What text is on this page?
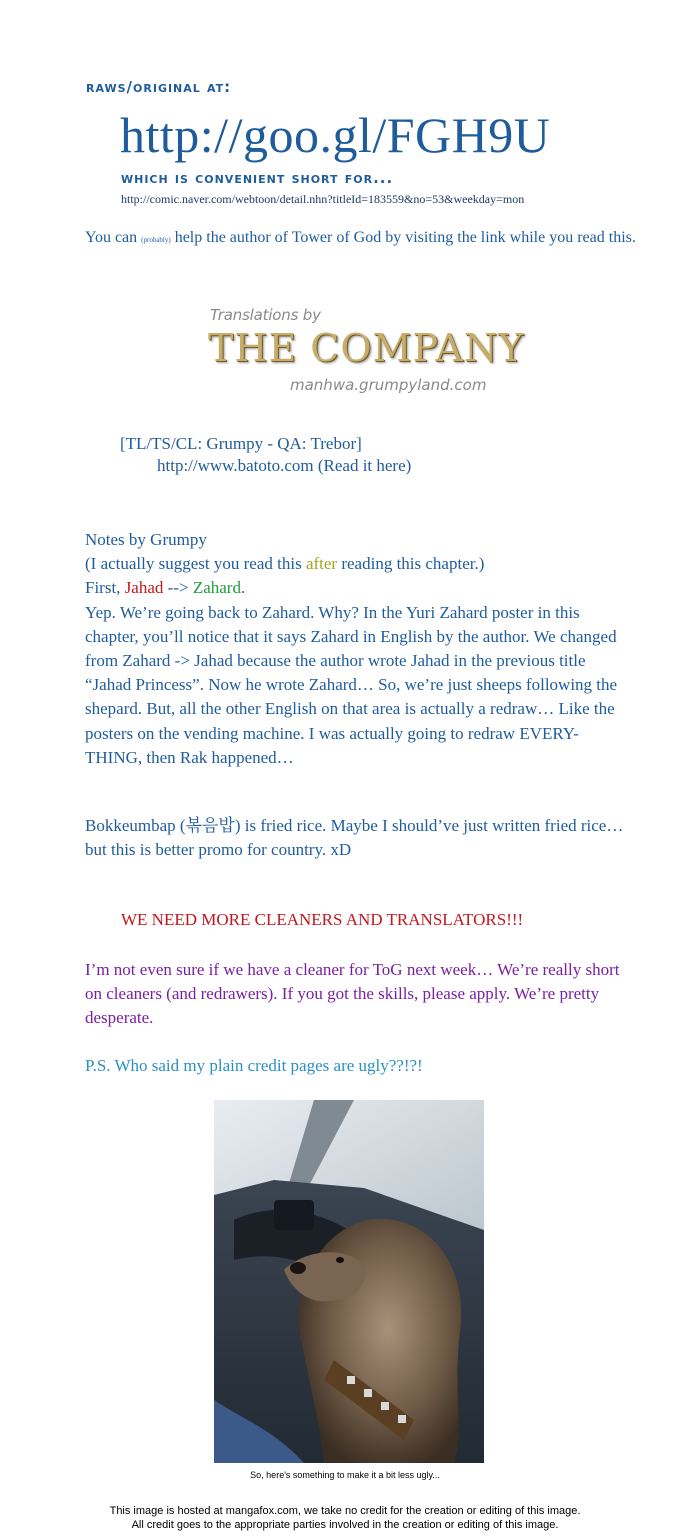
raws/original at:
http://goo.gl/FGH9U
which is convenient short for...
http://comic.naver.com/webtoon/detail.nhn?titleId=183559&no=53&weekday=mon
You can (probably) help the author of Tower of God by visiting the link while you read this.
Translations by
THE COMPANY
manhwa.grumpyland.com
[TL/TS/CL: Grumpy - QA: Trebor]
http://www.batoto.com (Read it here)

Notes by Grumpy

(I actually suggest you read this after reading this chapter.)

First, Jahad --> Zahard.

Yep. We’re going back to Zahard. Why? In the Yuri Zahard poster in this chapter, you’ll notice that it says Zahard in English by the author. We changed from Zahard -> Jahad because the author wrote Jahad in the previous title “Jahad Princess”. Now he wrote Zahard… So, we’re just sheeps following the shepard. But, all the other English on that area is actually a redraw… Like the posters on the vending machine. I was actually going to redraw EVERY-THING, then Rak happened…

Bokkeumbap (볶음밥) is fried rice. Maybe I should’ve just written fried rice… but this is better promo for country. xD
WE NEED MORE CLEANERS AND TRANSLATORS!!!
I’m not even sure if we have a cleaner for ToG next week… We’re really short on cleaners (and redrawers). If you got the skills, please apply. We’re pretty desperate.
P.S. Who said my plain credit pages are ugly??!?!
So, here's something to make it a bit less ugly...
This image is hosted at mangafox.com, we take no credit for the creation or editing of this image.
All credit goes to the appropriate parties involved in the creation or editing of this image.
